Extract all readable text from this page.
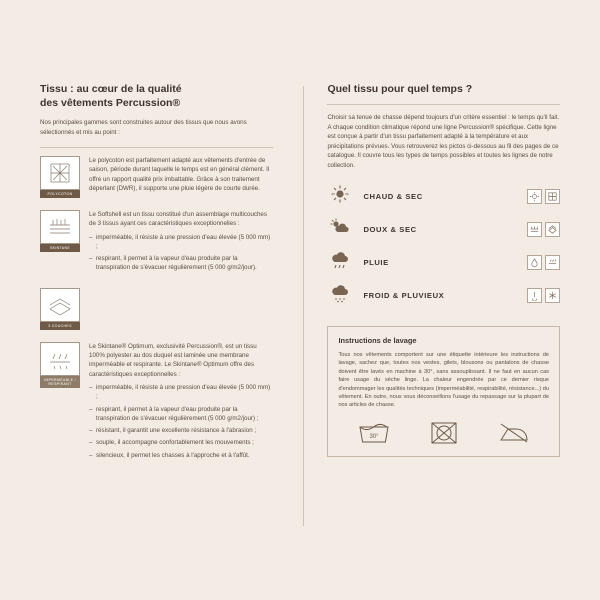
Tissu : au cœur de la qualité
des vêtements Percussion®

Nos principales gammes sont construites autour des tissus que nous avons sélectionnés et mis au point :

POLYCOTON
Le polycoton est parfaitement adapté aux vêtements d'entrée de saison, période durant laquelle le temps est en général clément. Il offre un rapport qualité prix imbattable. Grâce à son traitement déperlant (DWR), il supporte une pluie légère de courte durée.
SKINTANE
Le Softshell est un tissu constitué d'un assemblage multicouches de 3 tissus ayant ces caractéristiques exceptionnelles :
– imperméable, il résiste à une pression d'eau élevée (5 000 mm) ;
– respirant, il permet à la vapeur d'eau produite par la transpiration de s'évacuer régulièrement (5 000 g/m2/jour).
3 COUCHES
IMPERMÉABLE / RESPIRANT
Le Skintane® Optimum, exclusivité Percussion®, est un tissu 100% polyester au dos duquel est laminée une membrane imperméable et respirante. Le Skintane® Optimum offre des caractéristiques exceptionnelles :
– imperméable, il résiste à une pression d'eau élevée (5 000 mm) ;
– respirant, il permet à la vapeur d'eau produite par la transpiration de s'évacuer régulièrement (5 000 g/m2/jour) ;
– résistant, il garantit une excellente résistance à l'abrasion ;
– souple, il accompagne confortablement les mouvements ;
– silencieux, il permet les chasses à l'approche et à l'affût.
Quel tissu pour quel temps ?

Choisir sa tenue de chasse dépend toujours d'un critère essentiel : le temps qu'il fait. A chaque condition climatique répond une ligne Percussion® spécifique. Cette ligne est conçue à partir d'un tissu parfaitement adapté à la température et aux précipitations prévues. Vous retrouverez les pictos ci-dessous au fil des pages de ce catalogue. Il couvre tous les types de temps possibles et toutes les lignes de notre collection.

CHAUD & SEC
DOUX & SEC
PLUIE
FROID & PLUVIEUX
Instructions de lavage

Tous nos vêtements comportent sur une étiquette intérieure les instructions de lavage, sachez que, toutes nos vestes, gilets, blousons ou pantalons de chasse doivent être lavés en machine à 30°, sans assouplissant. Il ne faut en aucun cas faire usage du sèche linge. La chaleur engendrée par ce dernier risque d'endommager les qualités techniques (imperméabilité, respirabilité, résistance...) du vêtement. En outre, nous vous déconseillons l'usage du repassage sur la plupart de nos articles de chasse.

30°
